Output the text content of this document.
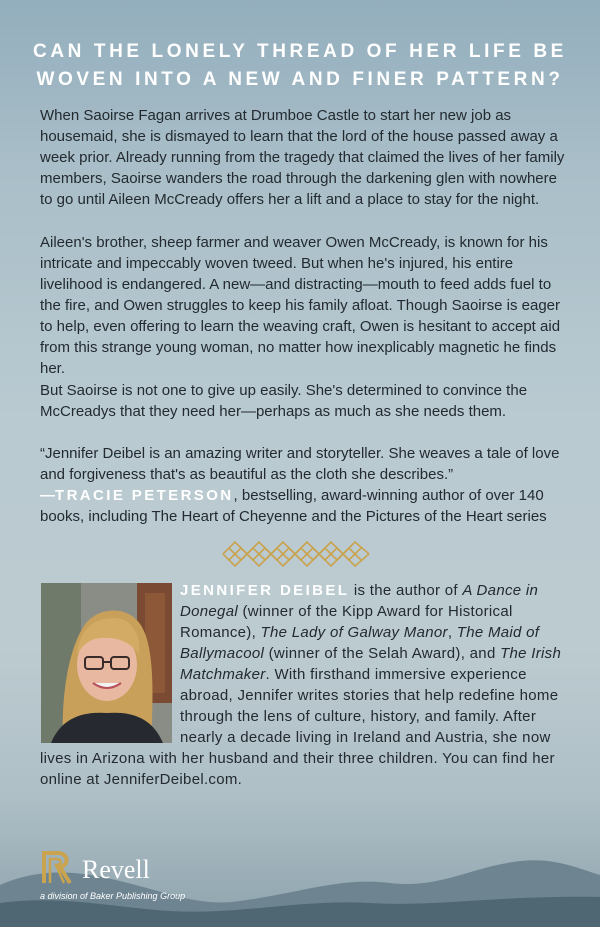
CAN THE LONELY THREAD OF HER LIFE BE
WOVEN INTO A NEW AND FINER PATTERN?

When Saoirse Fagan arrives at Drumboe Castle to start her new job as housemaid, she is dismayed to learn that the lord of the house passed away a week prior. Already running from the tragedy that claimed the lives of her family members, Saoirse wanders the road through the darkening glen with nowhere to go until Aileen McCready offers her a lift and a place to stay for the night.

Aileen's brother, sheep farmer and weaver Owen McCready, is known for his intricate and impeccably woven tweed. But when he's injured, his entire livelihood is endangered. A new—and distracting—mouth to feed adds fuel to the fire, and Owen struggles to keep his family afloat. Though Saoirse is eager to help, even offering to learn the weaving craft, Owen is hesitant to accept aid from this strange young woman, no matter how inexplicably magnetic he finds her.

But Saoirse is not one to give up easily. She's determined to convince the McCreadys that they need her—perhaps as much as she needs them.

“Jennifer Deibel is an amazing writer and storyteller. She weaves a tale of love and forgiveness that's as beautiful as the cloth she describes.”

—TRACIE PETERSON, bestselling, award-winning author of over 140 books, including The Heart of Cheyenne and the Pictures of the Heart series

JENNIFER DEIBEL is the author of A Dance in Donegal (winner of the Kipp Award for Historical Romance), The Lady of Galway Manor, The Maid of Ballymacool (winner of the Selah Award), and The Irish Matchmaker. With firsthand immersive experience abroad, Jennifer writes stories that help redefine home through the lens of culture, history, and family. After nearly a decade living in Ireland and Austria, she now lives in Arizona with her husband and their three children. You can find her online at JenniferDeibel.com.

Revell

a division of Baker Publishing Group
